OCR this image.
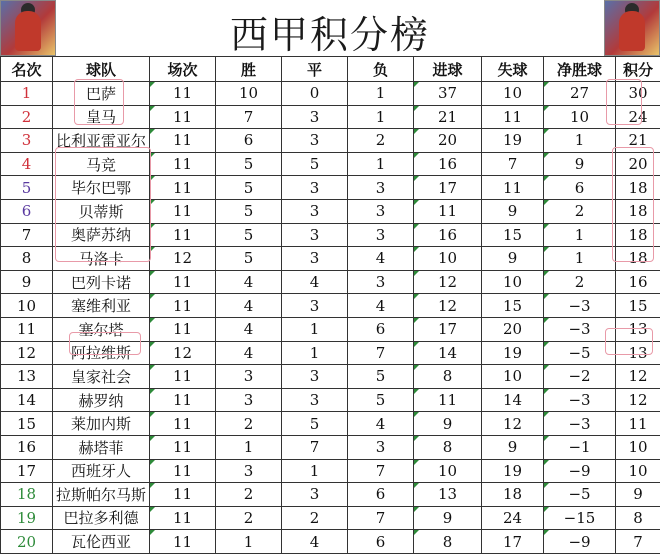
西甲积分榜
名次	球队	场次	胜	平	负	进球	失球	净胜球	积分
1	巴萨	11	10	0	1	37	10	27	30
2	皇马	11	7	3	1	21	11	10	24
3	比利亚雷亚尔	11	6	3	2	20	19	1	21
4	马竞	11	5	5	1	16	7	9	20
5	毕尔巴鄂	11	5	3	3	17	11	6	18
6	贝蒂斯	11	5	3	3	11	9	2	18
7	奥萨苏纳	11	5	3	3	16	15	1	18
8	马洛卡	12	5	3	4	10	9	1	18
9	巴列卡诺	11	4	4	3	12	10	2	16
10	塞维利亚	11	4	3	4	12	15	−3	15
11	塞尔塔	11	4	1	6	17	20	−3	13
12	阿拉维斯	12	4	1	7	14	19	−5	13
13	皇家社会	11	3	3	5	8	10	−2	12
14	赫罗纳	11	3	3	5	11	14	−3	12
15	莱加内斯	11	2	5	4	9	12	−3	11
16	赫塔菲	11	1	7	3	8	9	−1	10
17	西班牙人	11	3	1	7	10	19	−9	10
18	拉斯帕尔马斯	11	2	3	6	13	18	−5	9
19	巴拉多利德	11	2	2	7	9	24	−15	8
20	瓦伦西亚	11	1	4	6	8	17	−9	7
